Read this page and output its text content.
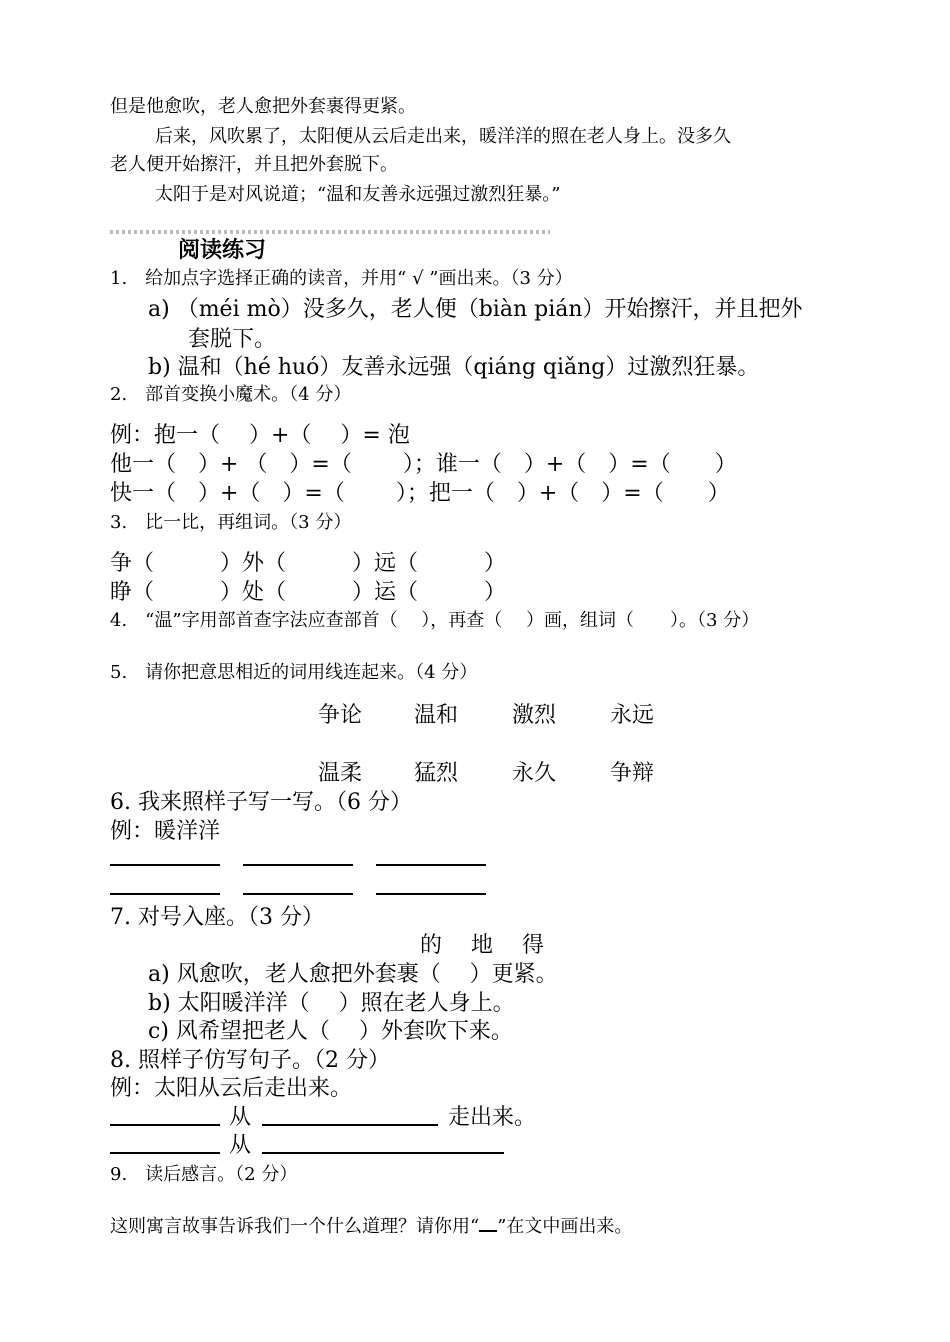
但是他愈吹，老人愈把外套裹得更紧。
后来，风吹累了，太阳便从云后走出来，暖洋洋的照在老人身上。没多久
老人便开始擦汗，并且把外套脱下。
太阳于是对风说道；“温和友善永远强过激烈狂暴。”
阅读练习
1.　给加点字选择正确的读音，并用“ √ ”画出来。（3 分）
a) （méi mò）没多久，老人便（biàn pián）开始擦汗，并且把外
套脱下。
b) 温和（hé huó）友善永远强（qiáng qiǎng）过激烈狂暴。
2.　部首变换小魔术。（4 分）
例：抱一（　 ）+（　 ）= 泡
他一（　）+ （　）=（　　 ）；谁一（　）+（　）=（　　）
快一（　）+（　）=（　　 ）；把一（　）+（　）=（　　）
3.　比一比，再组词。（3 分）
争（　　　）外（　　　）远（　　　）
睁（　　　）处（　　　）运（　　　）
4.　“温”字用部首查字法应查部首（　 ），再查（　 ）画，组词（　　）。（3 分）
5.　请你把意思相近的词用线连起来。（4 分）
争论 温和 激烈 永远
温柔 猛烈 永久 争辩
6. 我来照样子写一写。（6 分）
例：暖洋洋
7. 对号入座。（3 分）
的　 地　 得
a) 风愈吹，老人愈把外套裹（　 ）更紧。
b) 太阳暖洋洋（　 ）照在老人身上。
c) 风希望把老人（　 ）外套吹下来。
8. 照样子仿写句子。（2 分）
例：太阳从云后走出来。
从	走出来。
从
9.　读后感言。（2 分）
这则寓言故事告诉我们一个什么道理？请你用“ ”在文中画出来。
